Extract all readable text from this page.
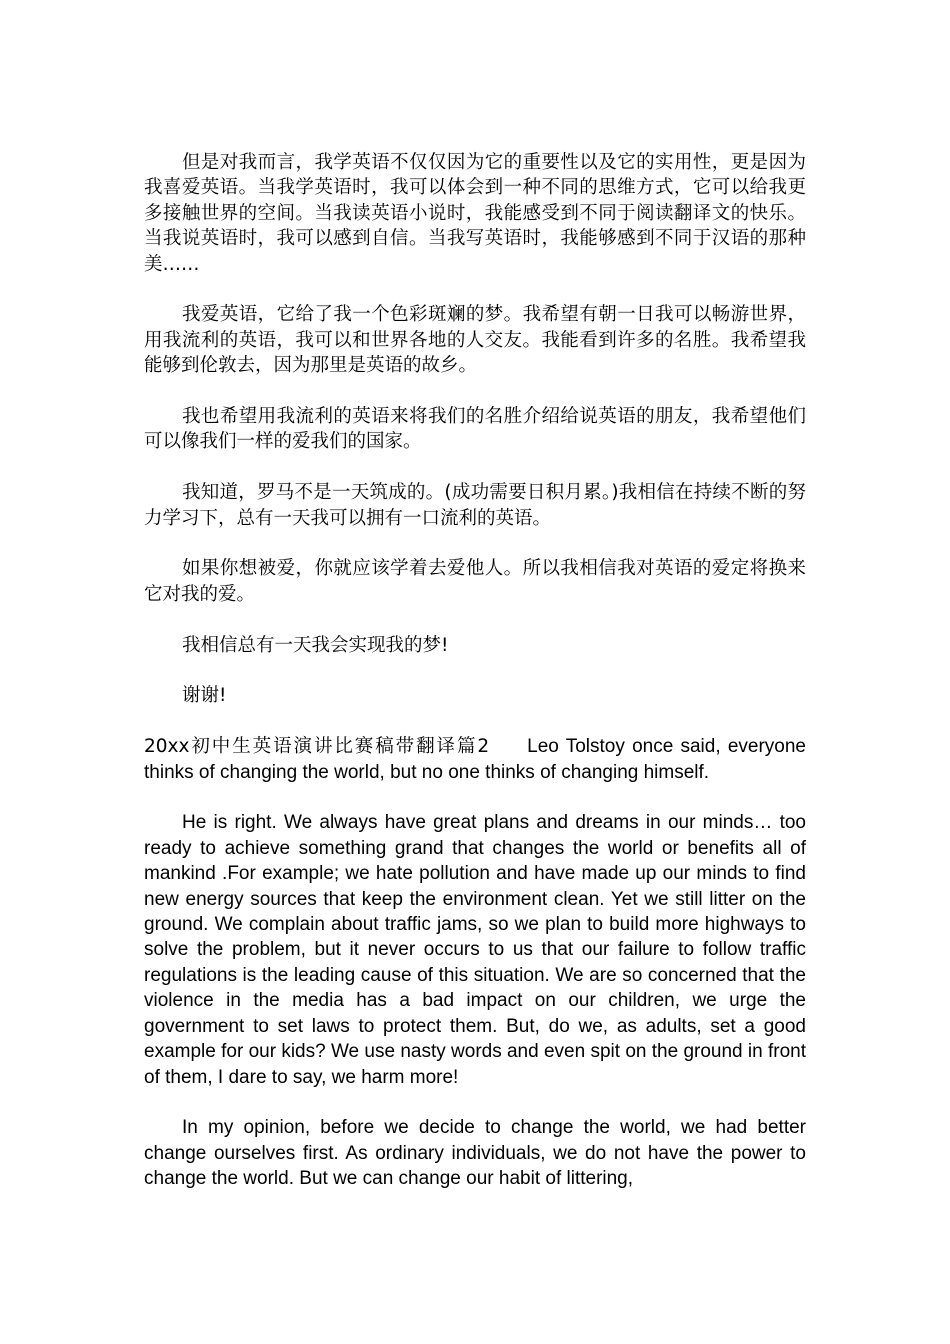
但是对我而言，我学英语不仅仅因为它的重要性以及它的实用性，更是因为我喜爱英语。当我学英语时，我可以体会到一种不同的思维方式，它可以给我更多接触世界的空间。当我读英语小说时，我能感受到不同于阅读翻译文的快乐。当我说英语时，我可以感到自信。当我写英语时，我能够感到不同于汉语的那种美……

我爱英语，它给了我一个色彩斑斓的梦。我希望有朝一日我可以畅游世界，用我流利的英语，我可以和世界各地的人交友。我能看到许多的名胜。我希望我能够到伦敦去，因为那里是英语的故乡。

我也希望用我流利的英语来将我们的名胜介绍给说英语的朋友，我希望他们可以像我们一样的爱我们的国家。

我知道，罗马不是一天筑成的。(成功需要日积月累。)我相信在持续不断的努力学习下，总有一天我可以拥有一口流利的英语。

如果你想被爱，你就应该学着去爱他人。所以我相信我对英语的爱定将换来它对我的爱。

我相信总有一天我会实现我的梦!

谢谢!

20xx初中生英语演讲比赛稿带翻译篇2 Leo Tolstoy once said, everyone thinks of changing the world, but no one thinks of changing himself.

He is right. We always have great plans and dreams in our minds… too ready to achieve something grand that changes the world or benefits all of mankind .For example; we hate pollution and have made up our minds to find new energy sources that keep the environment clean. Yet we still litter on the ground. We complain about traffic jams, so we plan to build more highways to solve the problem, but it never occurs to us that our failure to follow traffic regulations is the leading cause of this situation. We are so concerned that the violence in the media has a bad impact on our children, we urge the government to set laws to protect them. But, do we, as adults, set a good example for our kids? We use nasty words and even spit on the ground in front of them, I dare to say, we harm more!

In my opinion, before we decide to change the world, we had better change ourselves first. As ordinary individuals, we do not have the power to change the world. But we can change our habit of littering,
